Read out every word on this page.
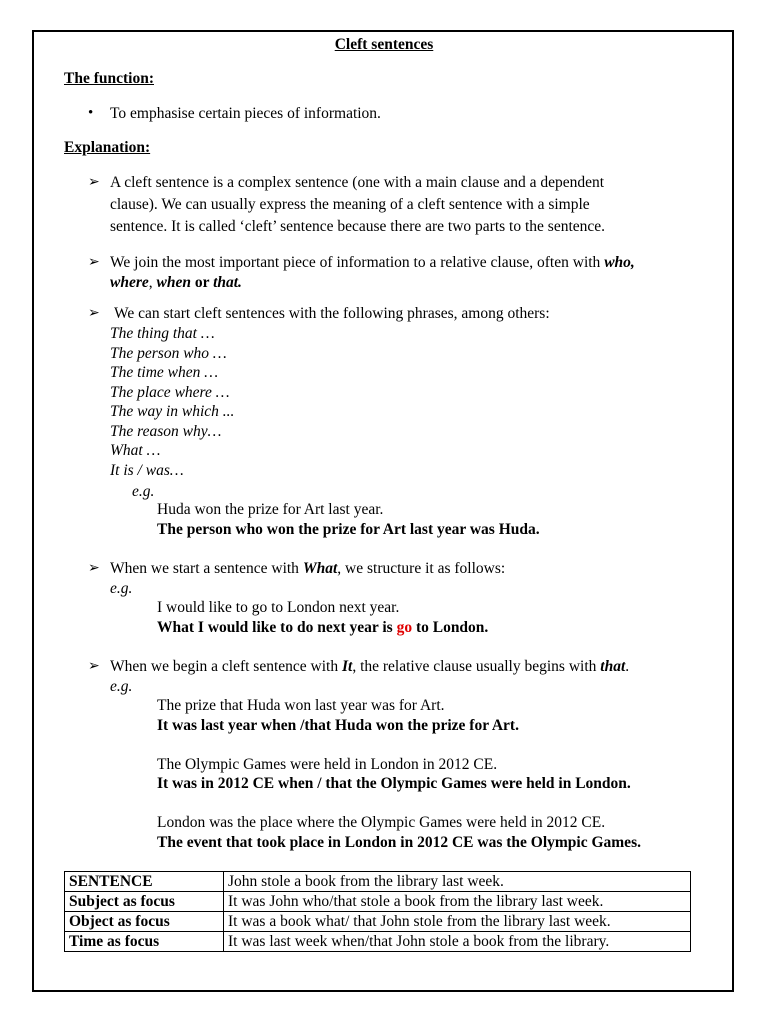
Cleft sentences
The function:
• To emphasise certain pieces of information.
Explanation:
➢ A cleft sentence is a complex sentence (one with a main clause and a dependent
clause). We can usually express the meaning of a cleft sentence with a simple
sentence. It is called ‘cleft’ sentence because there are two parts to the sentence.
➢ We join the most important piece of information to a relative clause, often with who,
where, when or that.
➢ We can start cleft sentences with the following phrases, among others:
The thing that …
The person who …
The time when …
The place where …
The way in which ...
The reason why…
What …
It is / was…
e.g.
Huda won the prize for Art last year.
The person who won the prize for Art last year was Huda.
➢ When we start a sentence with What, we structure it as follows:
e.g.
I would like to go to London next year.
What I would like to do next year is go to London.
➢ When we begin a cleft sentence with It, the relative clause usually begins with that.
e.g.
The prize that Huda won last year was for Art.
It was last year when /that Huda won the prize for Art.
The Olympic Games were held in London in 2012 CE.
It was in 2012 CE when / that the Olympic Games were held in London.
London was the place where the Olympic Games were held in 2012 CE.
The event that took place in London in 2012 CE was the Olympic Games.
SENTENCE	John stole a book from the library last week.
Subject as focus	It was John who/that stole a book from the library last week.
Object as focus	It was a book what/ that John stole from the library last week.
Time as focus	It was last week when/that John stole a book from the library.
